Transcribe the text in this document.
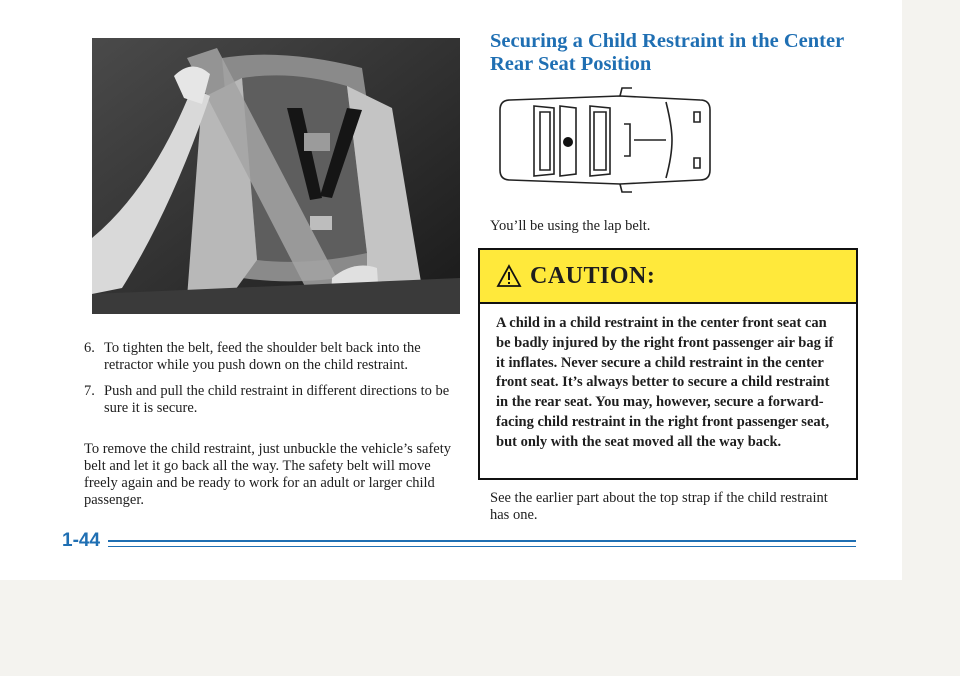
6. To tighten the belt, feed the shoulder belt back into the retractor while you push down on the child restraint.
7. Push and pull the child restraint in different directions to be sure it is secure.

To remove the child restraint, just unbuckle the vehicle’s safety belt and let it go back all the way. The safety belt will move freely again and be ready to work for an adult or larger child passenger.

Securing a Child Restraint in the Center Rear Seat Position

You’ll be using the lap belt.

CAUTION:
A child in a child restraint in the center front seat can be badly injured by the right front passenger air bag if it inflates. Never secure a child restraint in the center front seat. It’s always better to secure a child restraint in the rear seat. You may, however, secure a forward-facing child restraint in the right front passenger seat, but only with the seat moved all the way back.

See the earlier part about the top strap if the child restraint has one.

1-44
